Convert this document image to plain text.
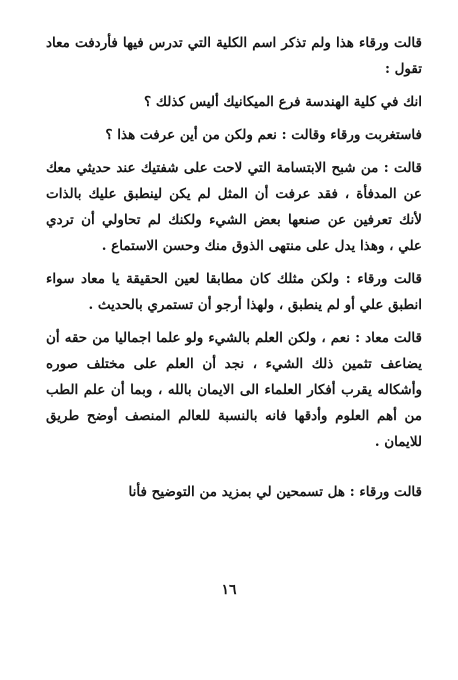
قالت ورقاء هذا ولم تذكر اسم الكلية التي تدرس فيها فأردفت معاد تقول :

انك في كلية الهندسة فرع الميكانيك أليس كذلك ؟

فاستغربت ورقاء وقالت : نعم ولكن من أين عرفت هذا ؟

قالت : من شبح الابتسامة التي لاحت على شفتيك عند حديثي معك عن المدفأة ، فقد عرفت أن المثل لم يكن لينطبق عليك بالذات لأنك تعرفين عن صنعها بعض الشيء ولكنك لم تحاولي أن تردي علي ، وهذا يدل على منتهى الذوق منك وحسن الاستماع .

قالت ورقاء : ولكن مثلك كان مطابقا لعين الحقيقة يا معاد سواء انطبق علي أو لم ينطبق ، ولهذا أرجو أن تستمري بالحديث .

قالت معاد : نعم ، ولكن العلم بالشيء ولو علما اجماليا من حقه أن يضاعف تثمين ذلك الشيء ، نجد أن العلم على مختلف صوره وأشكاله يقرب أفكار العلماء الى الايمان بالله ، وبما أن علم الطب من أهم العلوم وأدقها فانه بالنسبة للعالم المنصف أوضح طريق للايمان .

قالت ورقاء : هل تسمحين لي بمزيد من التوضيح فأنا

١٦
